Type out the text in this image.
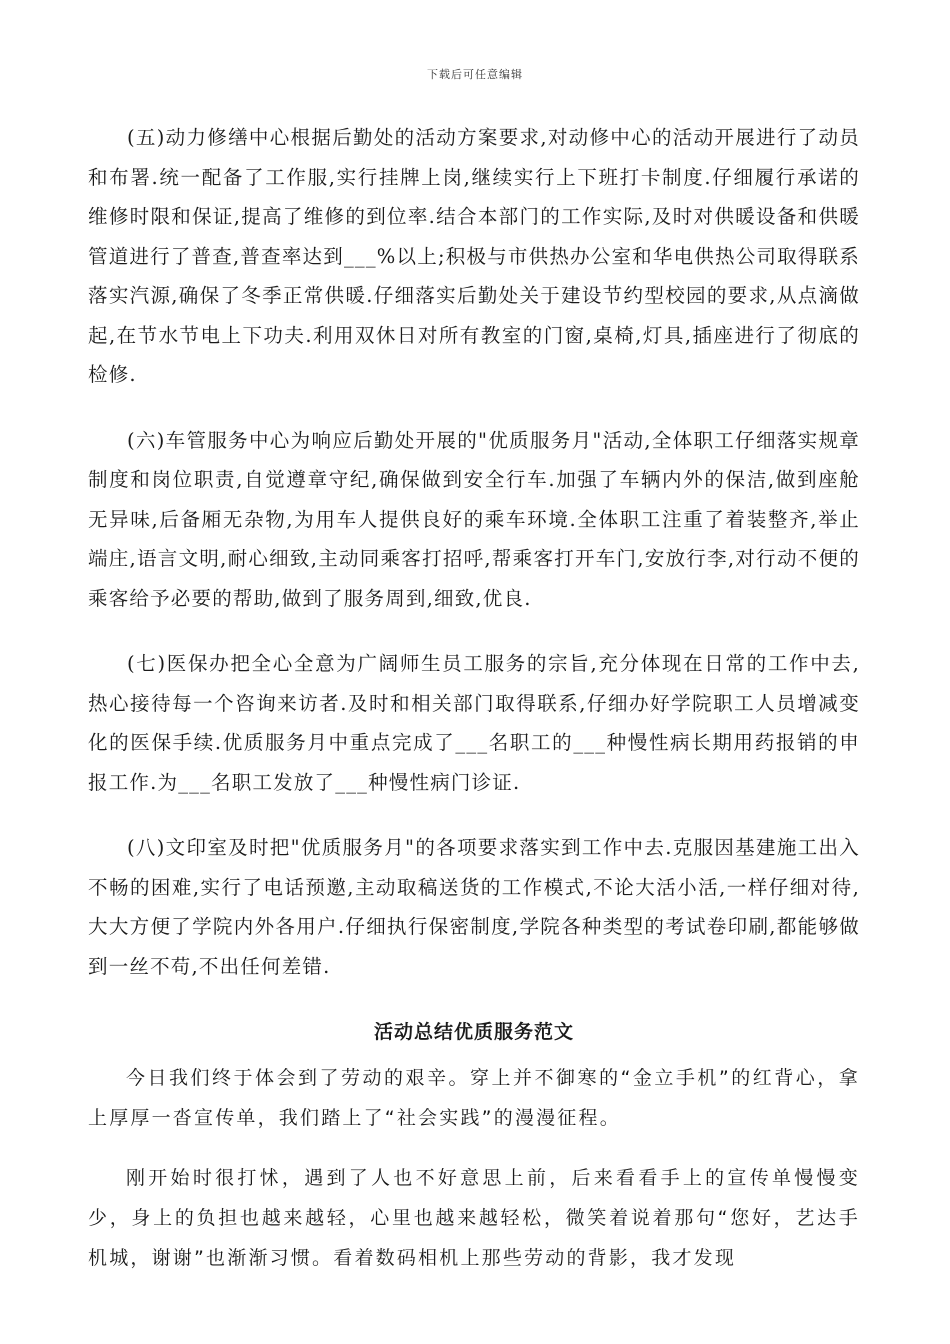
下载后可任意编辑

(五)动力修缮中心根据后勤处的活动方案要求,对动修中心的活动开展进行了动员和布署.统一配备了工作服,实行挂牌上岗,继续实行上下班打卡制度.仔细履行承诺的维修时限和保证,提高了维修的到位率.结合本部门的工作实际,及时对供暖设备和供暖管道进行了普查,普查率达到___%以上;积极与市供热办公室和华电供热公司取得联系落实汽源,确保了冬季正常供暖.仔细落实后勤处关于建设节约型校园的要求,从点滴做起,在节水节电上下功夫.利用双休日对所有教室的门窗,桌椅,灯具,插座进行了彻底的检修.

(六)车管服务中心为响应后勤处开展的"优质服务月"活动,全体职工仔细落实规章制度和岗位职责,自觉遵章守纪,确保做到安全行车.加强了车辆内外的保洁,做到座舱无异味,后备厢无杂物,为用车人提供良好的乘车环境.全体职工注重了着装整齐,举止端庄,语言文明,耐心细致,主动同乘客打招呼,帮乘客打开车门,安放行李,对行动不便的乘客给予必要的帮助,做到了服务周到,细致,优良.

(七)医保办把全心全意为广阔师生员工服务的宗旨,充分体现在日常的工作中去,热心接待每一个咨询来访者.及时和相关部门取得联系,仔细办好学院职工人员增减变化的医保手续.优质服务月中重点完成了___名职工的___种慢性病长期用药报销的申报工作.为___名职工发放了___种慢性病门诊证.

(八)文印室及时把"优质服务月"的各项要求落实到工作中去.克服因基建施工出入不畅的困难,实行了电话预邀,主动取稿送货的工作模式,不论大活小活,一样仔细对待,大大方便了学院内外各用户.仔细执行保密制度,学院各种类型的考试卷印刷,都能够做到一丝不苟,不出任何差错.

活动总结优质服务范文

今日我们终于体会到了劳动的艰辛。穿上并不御寒的“金立手机”的红背心，拿上厚厚一沓宣传单，我们踏上了“社会实践”的漫漫征程。

刚开始时很打怵，遇到了人也不好意思上前，后来看看手上的宣传单慢慢变少，身上的负担也越来越轻，心里也越来越轻松，微笑着说着那句“您好，艺达手机城，谢谢”也渐渐习惯。看着数码相机上那些劳动的背影，我才发现
